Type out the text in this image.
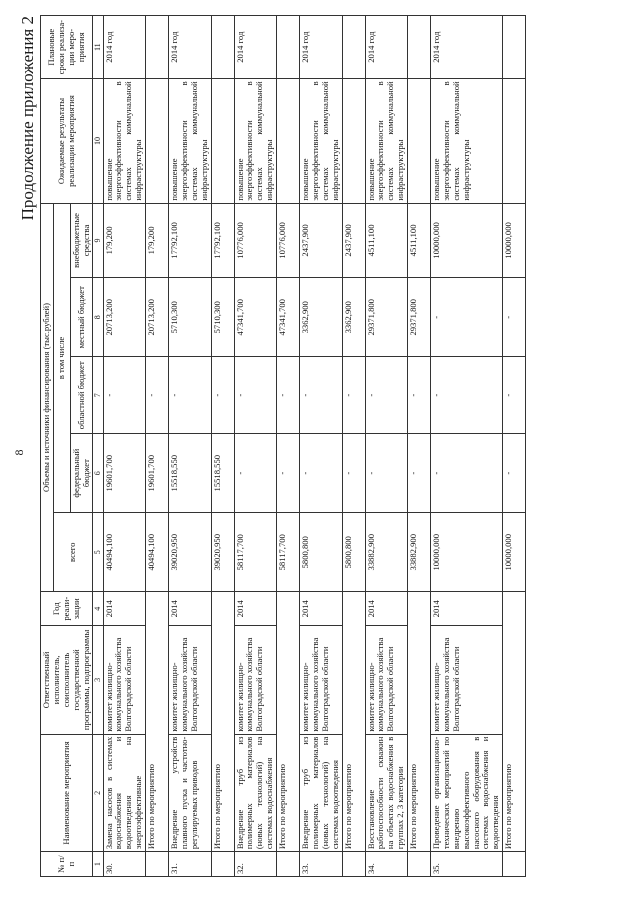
8
Продолжение приложения 2
№ п/п	Наименование мероприятия	Ответственный исполнитель, соисполнитель государственной программы, подпрограммы	Год реали-зации	Объемы и источники финансирования (тыс.рублей)					Ожидаемые результаты реализации мероприятия	Плановые сроки реализа-ции меро-приятия
				всего	в том числе					
					федеральный бюджет	областной бюджет	местный бюджет	внебюджетные средства		
1	2	3	4	5	6	7	8	9	10	11
30.	Замена насосов в системах водоснабжения и водоотведения на энергоэффективные	комитет жилищно-коммунального хозяйства Волгоградской области	2014	40494,100	19601,700	-	20713,200	179,200	повышение энергоэффективности в системах коммунальной инфраструктуры	2014 год
	Итого по мероприятию			40494,100	19601,700	-	20713,200	179,200		
31.	Внедрение устройств плавного пуска и частотно-регулируемых приводов	комитет жилищно-коммунального хозяйства Волгоградской области	2014	39020,950	15518,550	-	5710,300	17792,100	повышение энергоэффективности в системах коммунальной инфраструктуры	2014 год
	Итого по мероприятию			39020,950	15518,550	-	5710,300	17792,100		
32.	Внедрение труб из полимерных материалов (новых технологий) на системах водоснабжения	комитет жилищно-коммунального хозяйства Волгоградской области	2014	58117,700	-	-	47341,700	10776,000	повышение энергоэффективности в системах коммунальной инфраструктуры	2014 год
	Итого по мероприятию			58117,700	-	-	47341,700	10776,000		
33.	Внедрение труб из полимерных материалов (новых технологий) на системах водоотведения	комитет жилищно-коммунального хозяйства Волгоградской области	2014	5800,800	-	-	3362,900	2437,900	повышение энергоэффективности в системах коммунальной инфраструктуры	2014 год
	Итого по мероприятию			5800,800	-	-	3362,900	2437,900		
34.	Восстановление работоспособности скважин на объектах водоснабжения в группах 2, 3 категории	комитет жилищно-коммунального хозяйства Волгоградской области	2014	33882,900	-	-	29371,800	4511,100	повышение энергоэффективности в системах коммунальной инфраструктуры	2014 год
	Итого по мероприятию			33882,900	-	-	29371,800	4511,100		
35.	Проведение организационно-технических мероприятий по внедрению высокоэффективного насосного оборудования в системах водоснабжения и водоотведения	комитет жилищно-коммунального хозяйства Волгоградской области	2014	10000,000	-	-	-	10000,000	повышение энергоэффективности в системах коммунальной инфраструктуры	2014 год
	Итого по мероприятию			10000,000	-	-	-	10000,000		
